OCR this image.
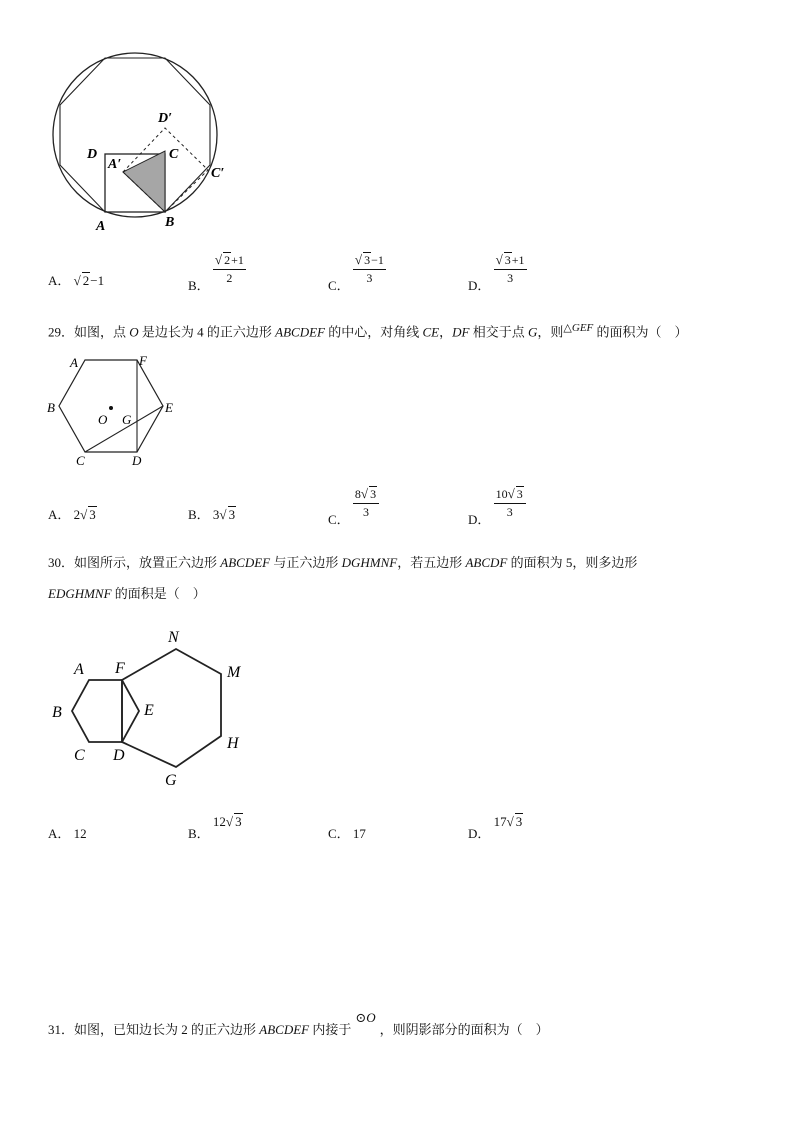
D
A′
C
D′
C′
A	B
A． √ 2−1	B． $\frac{√ 2+1}{2}$	C． $\frac{√ 3-1}{3}$	D． $\frac{√ 3+1}{3}$
29．如图，点 O 是边长为 4 的正六边形 ABCDEF 的中心，对角线 CE，DF 相交于点 G，则$^{\triangle GEF}$ 的面积为（　）
A	F
B
O G
E
C	D
A． 2√ 3	B． 3√ 3	C． $\frac{8√ 3}{3}$	D． $\frac{10√ 3}{3}$
30．如图所示，放置正六边形 ABCDEF 与正六边形 DGHMNF，若五边形 ABCDF 的面积为 5，则多边形
EDGHMNF 的面积是（　）
N
A F	M
B	E
H
C D
G
A． 12	B． 12√ 3
C． 17	D． 17√ 3
31．如图，已知边长为 2 的正六边形 ABCDEF 内接于⊙O，则阴影部分的面积为（　）
